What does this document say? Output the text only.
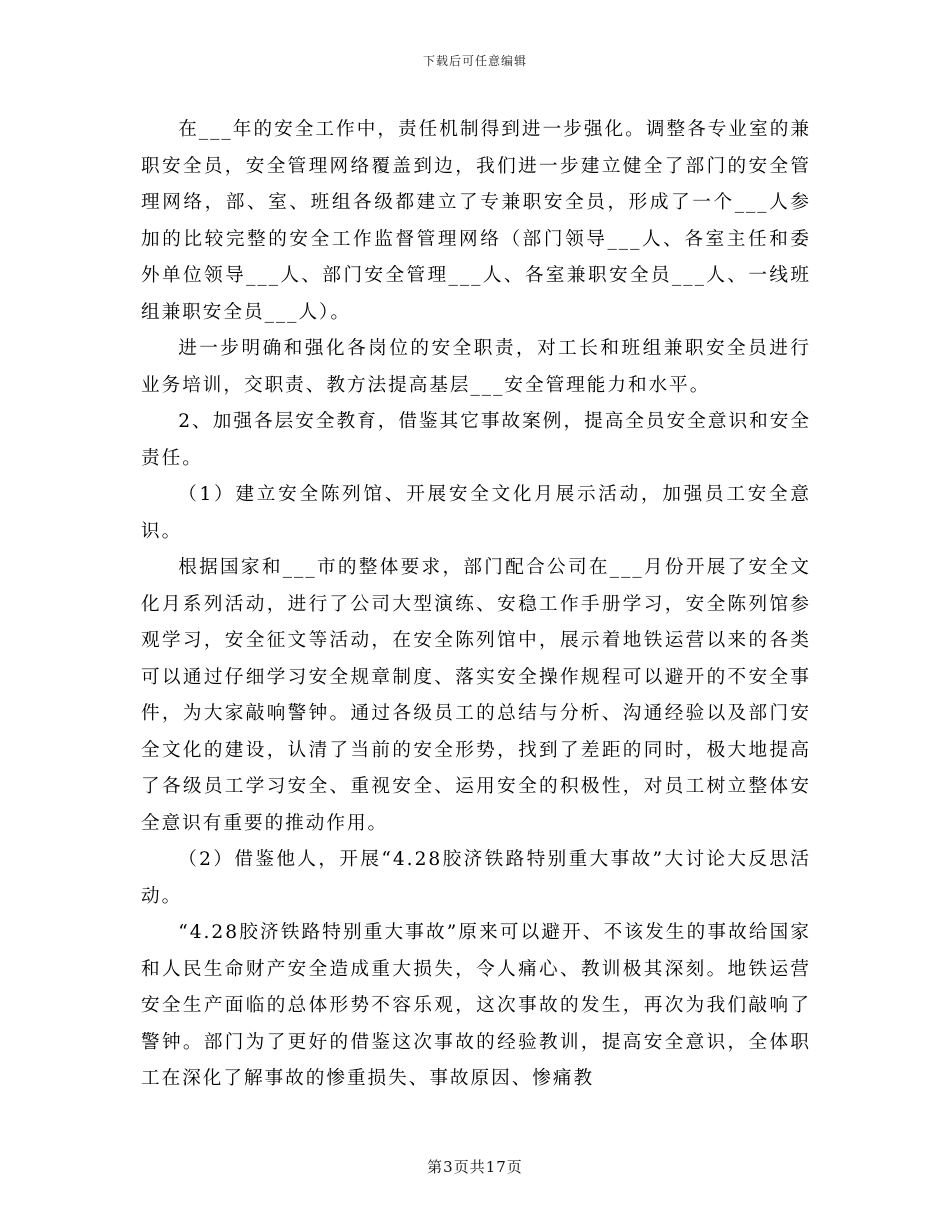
下载后可任意编辑

在___年的安全工作中，责任机制得到进一步强化。调整各专业室的兼职安全员，安全管理网络覆盖到边，我们进一步建立健全了部门的安全管理网络，部、室、班组各级都建立了专兼职安全员，形成了一个___人参加的比较完整的安全工作监督管理网络（部门领导___人、各室主任和委外单位领导___人、部门安全管理___人、各室兼职安全员___人、一线班组兼职安全员___人）。

进一步明确和强化各岗位的安全职责，对工长和班组兼职安全员进行业务培训，交职责、教方法提高基层___安全管理能力和水平。

2、加强各层安全教育，借鉴其它事故案例，提高全员安全意识和安全责任。

（1）建立安全陈列馆、开展安全文化月展示活动，加强员工安全意识。

根据国家和___市的整体要求，部门配合公司在___月份开展了安全文化月系列活动，进行了公司大型演练、安稳工作手册学习，安全陈列馆参观学习，安全征文等活动，在安全陈列馆中，展示着地铁运营以来的各类可以通过仔细学习安全规章制度、落实安全操作规程可以避开的不安全事件，为大家敲响警钟。通过各级员工的总结与分析、沟通经验以及部门安全文化的建设，认清了当前的安全形势，找到了差距的同时，极大地提高了各级员工学习安全、重视安全、运用安全的积极性，对员工树立整体安全意识有重要的推动作用。

（2）借鉴他人，开展“4.28胶济铁路特别重大事故”大讨论大反思活动。

“4.28胶济铁路特别重大事故”原来可以避开、不该发生的事故给国家和人民生命财产安全造成重大损失，令人痛心、教训极其深刻。地铁运营安全生产面临的总体形势不容乐观，这次事故的发生，再次为我们敲响了警钟。部门为了更好的借鉴这次事故的经验教训，提高安全意识，全体职工在深化了解事故的惨重损失、事故原因、惨痛教

第3页共17页
